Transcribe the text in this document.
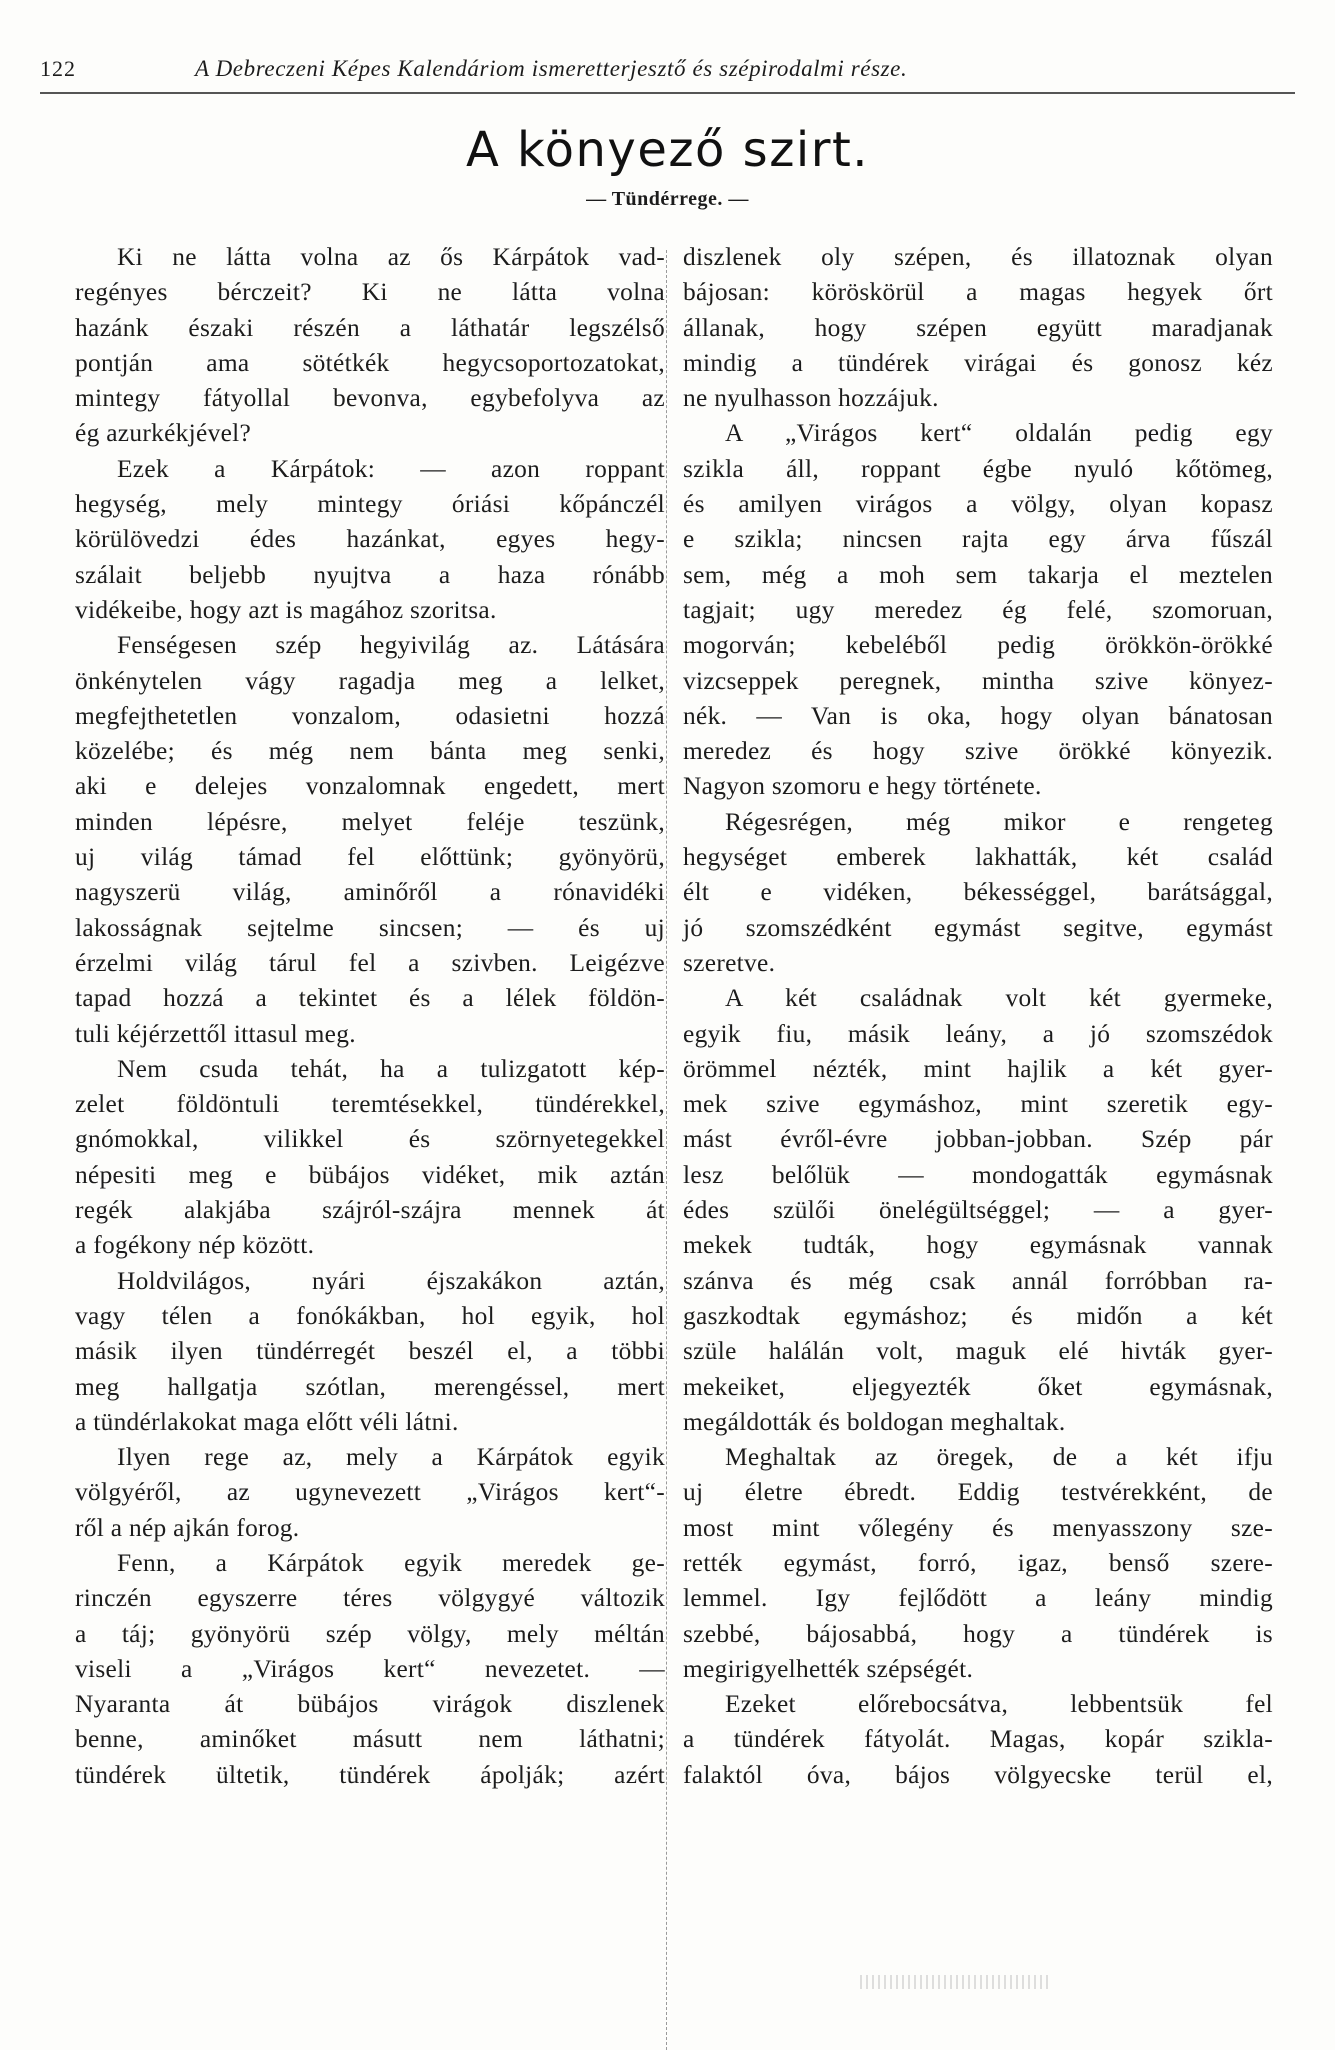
122	A Debreczeni Képes Kalendáriom ismeretterjesztő és szépirodalmi része.
A könyező szirt.
— Tündérrege. —
Ki ne látta volna az ős Kárpátok vad-
regényes bérczeit? Ki ne látta volna
hazánk északi részén a láthatár legszélső
pontján ama sötétkék hegycsoportozatokat,
mintegy fátyollal bevonva, egybefolyva az
ég azurkékjével?
Ezek a Kárpátok: — azon roppant
hegység, mely mintegy óriási kőpánczél
körülövedzi édes hazánkat, egyes hegy-
szálait beljebb nyujtva a haza rónább
vidékeibe, hogy azt is magához szoritsa.
Fenségesen szép hegyivilág az. Látására
önkénytelen vágy ragadja meg a lelket,
megfejthetetlen vonzalom, odasietni hozzá
közelébe; és még nem bánta meg senki,
aki e delejes vonzalomnak engedett, mert
minden lépésre, melyet feléje teszünk,
uj világ támad fel előttünk; gyönyörü,
nagyszerü világ, aminőről a rónavidéki
lakosságnak sejtelme sincsen; — és uj
érzelmi világ tárul fel a szivben. Leigézve
tapad hozzá a tekintet és a lélek földön-
tuli kéjérzettől ittasul meg.
Nem csuda tehát, ha a tulizgatott kép-
zelet földöntuli teremtésekkel, tündérekkel,
gnómokkal, vilikkel és szörnyetegekkel
népesiti meg e bübájos vidéket, mik aztán
regék alakjába szájról-szájra mennek át
a fogékony nép között.
Holdvilágos, nyári éjszakákon aztán,
vagy télen a fonókákban, hol egyik, hol
másik ilyen tündérregét beszél el, a többi
meg hallgatja szótlan, merengéssel, mert
a tündérlakokat maga előtt véli látni.
Ilyen rege az, mely a Kárpátok egyik
völgyéről, az ugynevezett „Virágos kert“-
ről a nép ajkán forog.
Fenn, a Kárpátok egyik meredek ge-
rinczén egyszerre téres völgygyé változik
a táj; gyönyörü szép völgy, mely méltán
viseli a „Virágos kert“ nevezetet. —
Nyaranta át bübájos virágok diszlenek
benne, aminőket másutt nem láthatni;
tündérek ültetik, tündérek ápolják; azért
diszlenek oly szépen, és illatoznak olyan
bájosan: köröskörül a magas hegyek őrt
állanak, hogy szépen együtt maradjanak
mindig a tündérek virágai és gonosz kéz
ne nyulhasson hozzájuk.
A „Virágos kert“ oldalán pedig egy
szikla áll, roppant égbe nyuló kőtömeg,
és amilyen virágos a völgy, olyan kopasz
e szikla; nincsen rajta egy árva fűszál
sem, még a moh sem takarja el meztelen
tagjait; ugy meredez ég felé, szomoruan,
mogorván; kebeléből pedig örökkön-örökké
vizcseppek peregnek, mintha szive könyez-
nék. — Van is oka, hogy olyan bánatosan
meredez és hogy szive örökké könyezik.
Nagyon szomoru e hegy története.
Régesrégen, még mikor e rengeteg
hegységet emberek lakhatták, két család
élt e vidéken, békességgel, barátsággal,
jó szomszédként egymást segitve, egymást
szeretve.
A két családnak volt két gyermeke,
egyik fiu, másik leány, a jó szomszédok
örömmel nézték, mint hajlik a két gyer-
mek szive egymáshoz, mint szeretik egy-
mást évről-évre jobban-jobban. Szép pár
lesz belőlük — mondogatták egymásnak
édes szülői önelégültséggel; — a gyer-
mekek tudták, hogy egymásnak vannak
szánva és még csak annál forróbban ra-
gaszkodtak egymáshoz; és midőn a két
szüle halálán volt, maguk elé hivták gyer-
mekeiket, eljegyezték őket egymásnak,
megáldották és boldogan meghaltak.
Meghaltak az öregek, de a két ifju
uj életre ébredt. Eddig testvérekként, de
most mint vőlegény és menyasszony sze-
rették egymást, forró, igaz, benső szere-
lemmel. Igy fejlődött a leány mindig
szebbé, bájosabbá, hogy a tündérek is
megirigyelhették szépségét.
Ezeket előrebocsátva, lebbentsük fel
a tündérek fátyolát. Magas, kopár szikla-
falaktól óva, bájos völgyecske terül el,
